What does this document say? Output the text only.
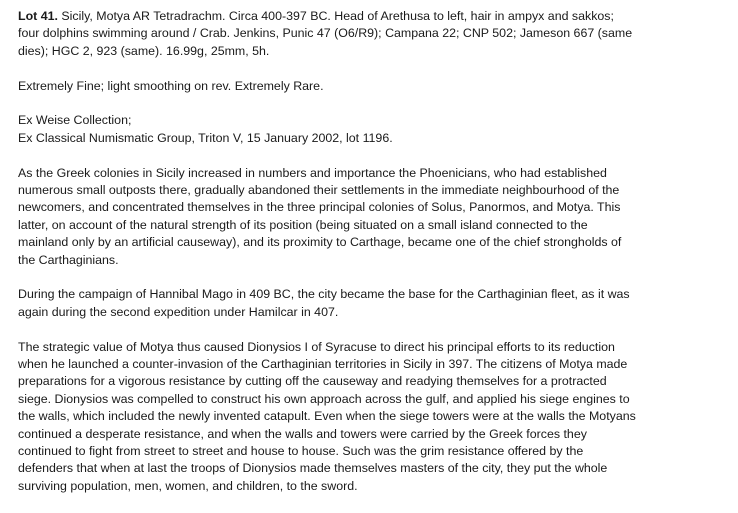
Lot 41. Sicily, Motya AR Tetradrachm. Circa 400-397 BC. Head of Arethusa to left, hair in ampyx and sakkos;
four dolphins swimming around / Crab. Jenkins, Punic 47 (O6/R9); Campana 22; CNP 502; Jameson 667 (same
dies); HGC 2, 923 (same). 16.99g, 25mm, 5h.

Extremely Fine; light smoothing on rev. Extremely Rare.

Ex Weise Collection;
Ex Classical Numismatic Group, Triton V, 15 January 2002, lot 1196.

As the Greek colonies in Sicily increased in numbers and importance the Phoenicians, who had established
numerous small outposts there, gradually abandoned their settlements in the immediate neighbourhood of the
newcomers, and concentrated themselves in the three principal colonies of Solus, Panormos, and Motya. This
latter, on account of the natural strength of its position (being situated on a small island connected to the
mainland only by an artificial causeway), and its proximity to Carthage, became one of the chief strongholds of
the Carthaginians.

During the campaign of Hannibal Mago in 409 BC, the city became the base for the Carthaginian fleet, as it was
again during the second expedition under Hamilcar in 407.

The strategic value of Motya thus caused Dionysios I of Syracuse to direct his principal efforts to its reduction
when he launched a counter-invasion of the Carthaginian territories in Sicily in 397. The citizens of Motya made
preparations for a vigorous resistance by cutting off the causeway and readying themselves for a protracted
siege. Dionysios was compelled to construct his own approach across the gulf, and applied his siege engines to
the walls, which included the newly invented catapult. Even when the siege towers were at the walls the Motyans
continued a desperate resistance, and when the walls and towers were carried by the Greek forces they
continued to fight from street to street and house to house. Such was the grim resistance offered by the
defenders that when at last the troops of Dionysios made themselves masters of the city, they put the whole
surviving population, men, women, and children, to the sword.
